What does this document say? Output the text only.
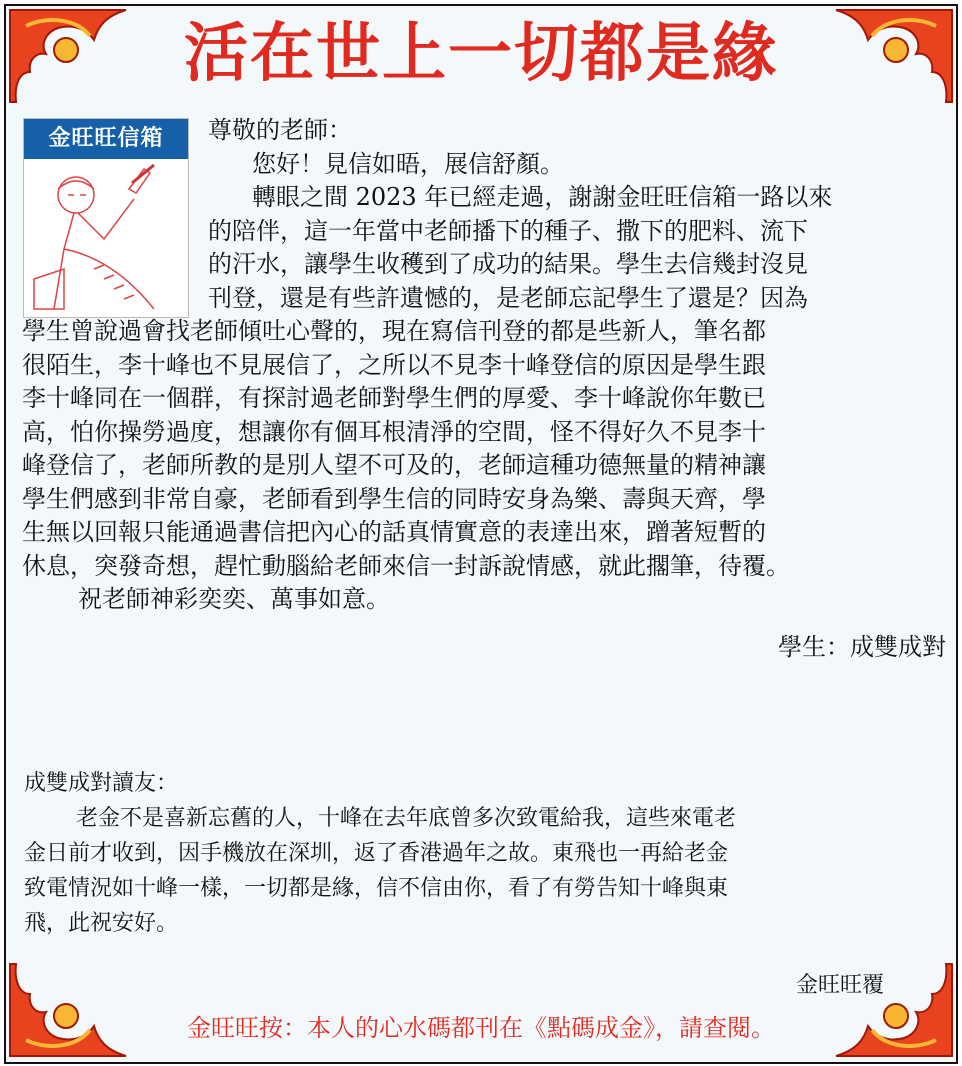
活在世上一切都是緣
金旺旺信箱	尊敬的老師：

您好！見信如晤，展信舒顏。

轉眼之間 2023 年已經走過，謝謝金旺旺信箱一路以來

的陪伴，這一年當中老師播下的種子、撒下的肥料、流下

的汗水，讓學生收穫到了成功的結果。學生去信幾封沒見

刊登，還是有些許遺憾的，是老師忘記學生了還是？因為

學生曾說過會找老師傾吐心聲的，現在寫信刊登的都是些新人，筆名都

很陌生，李十峰也不見展信了，之所以不見李十峰登信的原因是學生跟

李十峰同在一個群，有探討過老師對學生們的厚愛、李十峰說你年數已

高，怕你操勞過度，想讓你有個耳根清淨的空間，怪不得好久不見李十

峰登信了，老師所教的是別人望不可及的，老師這種功德無量的精神讓

學生們感到非常自豪，老師看到學生信的同時安身為樂、壽與天齊，學

生無以回報只能通過書信把內心的話真情實意的表達出來，蹭著短暫的

休息，突發奇想，趕忙動腦給老師來信一封訴說情感，就此擱筆，待覆。

祝老師神彩奕奕、萬事如意。

學生：成雙成對

成雙成對讀友：

老金不是喜新忘舊的人，十峰在去年底曾多次致電給我，這些來電老

金日前才收到，因手機放在深圳，返了香港過年之故。東飛也一再給老金

致電情況如十峰一樣，一切都是緣，信不信由你，看了有勞告知十峰與東

飛，此祝安好。

金旺旺覆
金旺旺按：本人的心水碼都刊在《點碼成金》，請查閱。
